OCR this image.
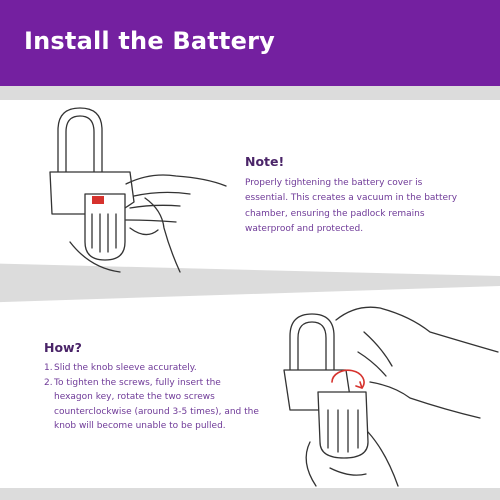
Install the Battery
Note!
Properly tightening the battery cover is
essential. This creates a vacuum in the battery
chamber, ensuring the padlock remains
waterproof and protected.
How?
1. Slid the knob sleeve accurately.
2. To tighten the screws, fully insert the
hexagon key, rotate the two screws
counterclockwise (around 3-5 times), and the
knob will become unable to be pulled.
